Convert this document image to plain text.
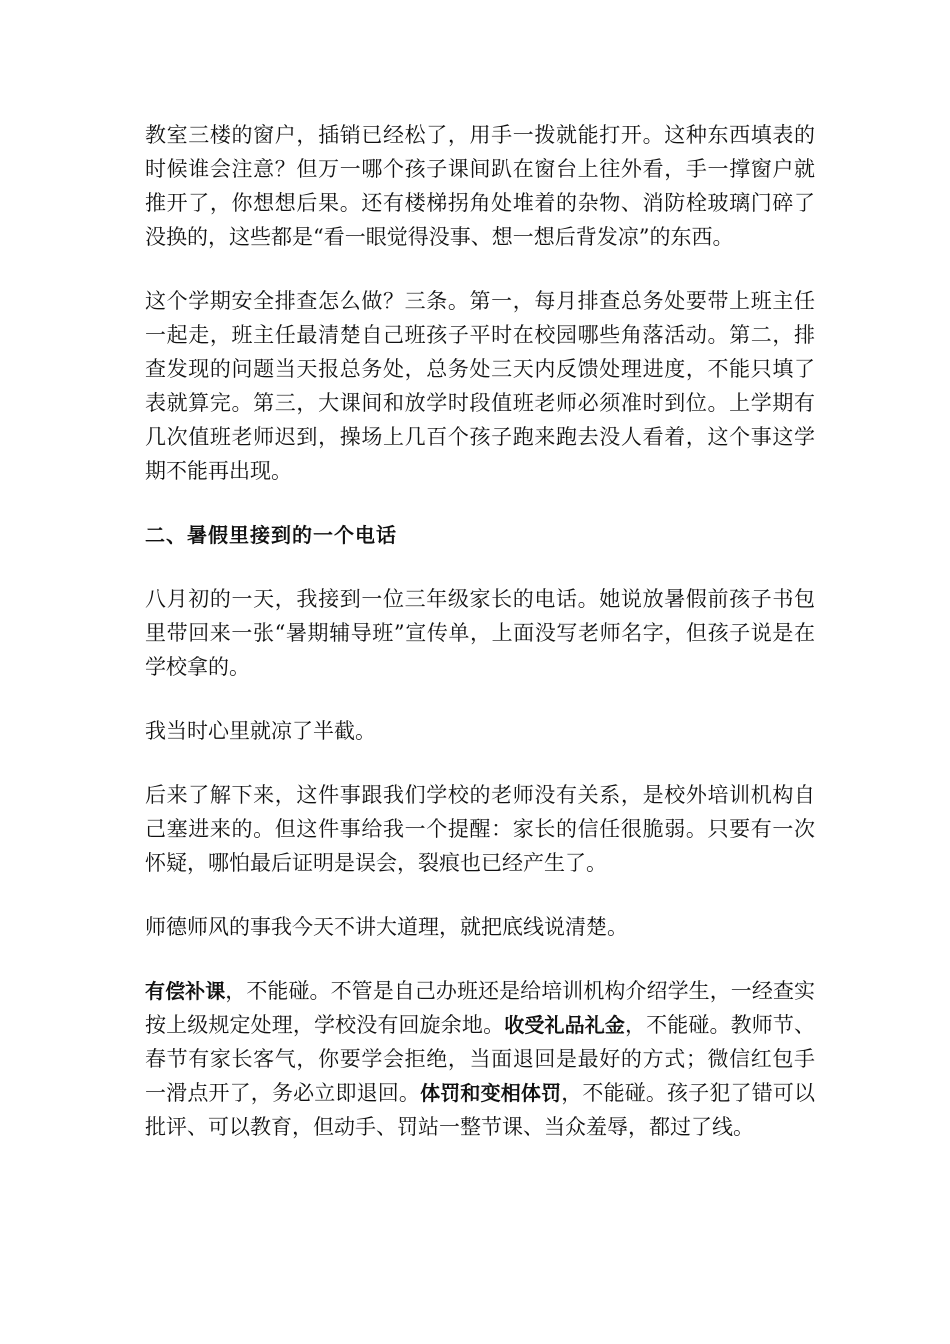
教室三楼的窗户，插销已经松了，用手一拨就能打开。这种东西填表的时候谁会注意？但万一哪个孩子课间趴在窗台上往外看，手一撑窗户就推开了，你想想后果。还有楼梯拐角处堆着的杂物、消防栓玻璃门碎了没换的，这些都是“看一眼觉得没事、想一想后背发凉”的东西。

这个学期安全排查怎么做？三条。第一，每月排查总务处要带上班主任一起走，班主任最清楚自己班孩子平时在校园哪些角落活动。第二，排查发现的问题当天报总务处，总务处三天内反馈处理进度，不能只填了表就算完。第三，大课间和放学时段值班老师必须准时到位。上学期有几次值班老师迟到，操场上几百个孩子跑来跑去没人看着，这个事这学期不能再出现。

二、暑假里接到的一个电话

八月初的一天，我接到一位三年级家长的电话。她说放暑假前孩子书包里带回来一张“暑期辅导班”宣传单，上面没写老师名字，但孩子说是在学校拿的。

我当时心里就凉了半截。

后来了解下来，这件事跟我们学校的老师没有关系，是校外培训机构自己塞进来的。但这件事给我一个提醒：家长的信任很脆弱。只要有一次怀疑，哪怕最后证明是误会，裂痕也已经产生了。

师德师风的事我今天不讲大道理，就把底线说清楚。

有偿补课，不能碰。不管是自己办班还是给培训机构介绍学生，一经查实按上级规定处理，学校没有回旋余地。收受礼品礼金，不能碰。教师节、春节有家长客气，你要学会拒绝，当面退回是最好的方式；微信红包手一滑点开了，务必立即退回。体罚和变相体罚，不能碰。孩子犯了错可以批评、可以教育，但动手、罚站一整节课、当众羞辱，都过了线。
